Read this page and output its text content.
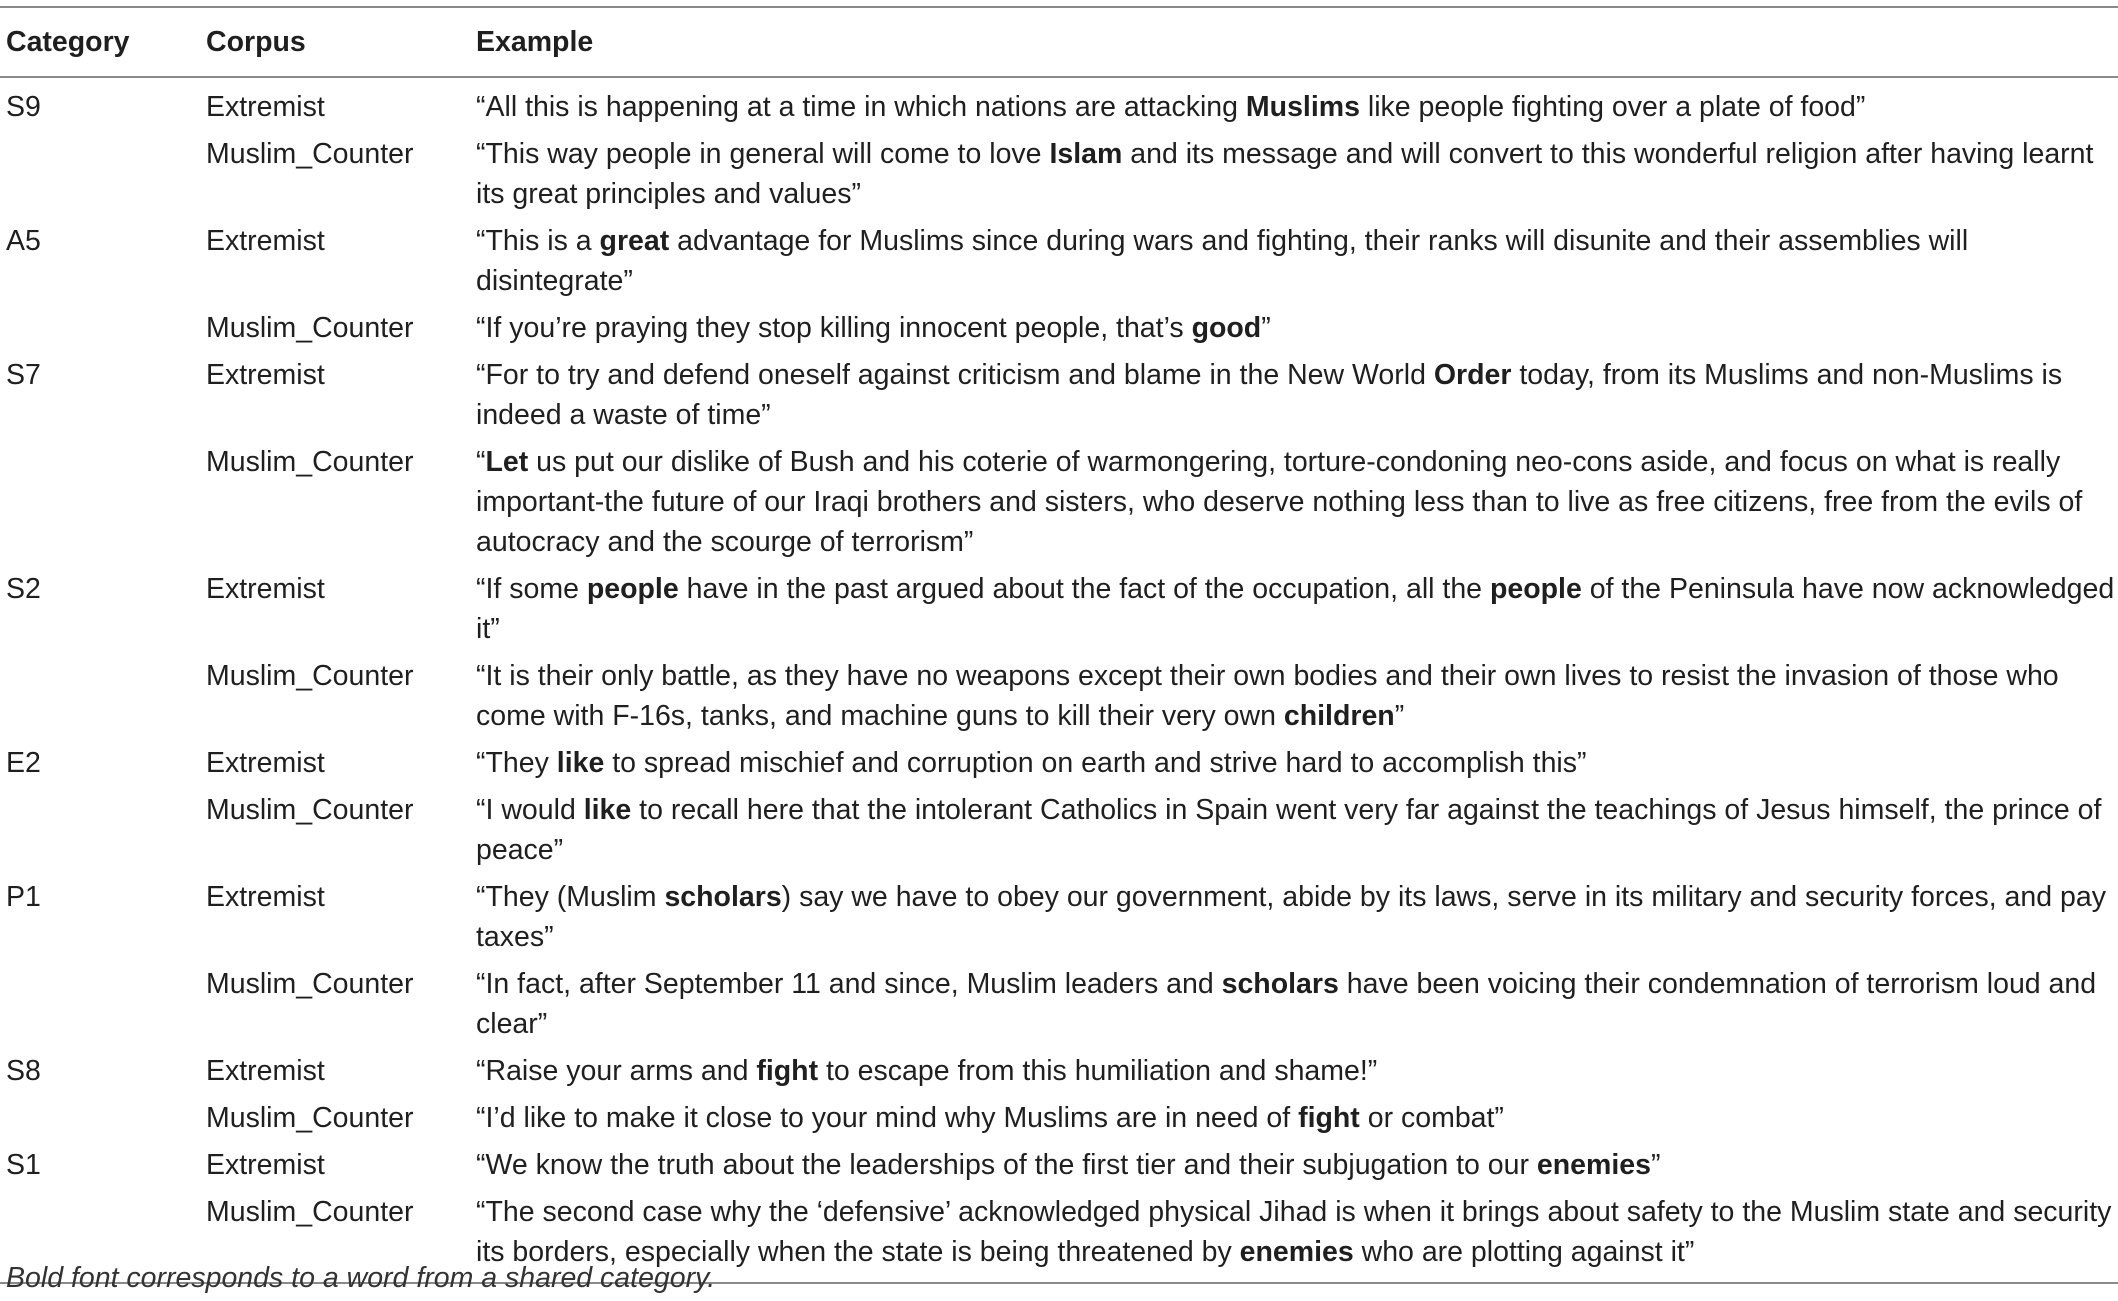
Category	Corpus	Example
S9	Extremist	“All this is happening at a time in which nations are attacking Muslims like people fighting over a plate of food”
	Muslim_Counter	“This way people in general will come to love Islam and its message and will convert to this wonderful religion after having learnt its great principles and values”
A5	Extremist	“This is a great advantage for Muslims since during wars and fighting, their ranks will disunite and their assemblies will disintegrate”
	Muslim_Counter	“If you’re praying they stop killing innocent people, that’s good”
S7	Extremist	“For to try and defend oneself against criticism and blame in the New World Order today, from its Muslims and non-Muslims is indeed a waste of time”
	Muslim_Counter	“Let us put our dislike of Bush and his coterie of warmongering, torture-condoning neo-cons aside, and focus on what is really important-the future of our Iraqi brothers and sisters, who deserve nothing less than to live as free citizens, free from the evils of autocracy and the scourge of terrorism”
S2	Extremist	“If some people have in the past argued about the fact of the occupation, all the people of the Peninsula have now acknowledged it”
	Muslim_Counter	“It is their only battle, as they have no weapons except their own bodies and their own lives to resist the invasion of those who come with F-16s, tanks, and machine guns to kill their very own children”
E2	Extremist	“They like to spread mischief and corruption on earth and strive hard to accomplish this”
	Muslim_Counter	“I would like to recall here that the intolerant Catholics in Spain went very far against the teachings of Jesus himself, the prince of peace”
P1	Extremist	“They (Muslim scholars) say we have to obey our government, abide by its laws, serve in its military and security forces, and pay taxes”
	Muslim_Counter	“In fact, after September 11 and since, Muslim leaders and scholars have been voicing their condemnation of terrorism loud and clear”
S8	Extremist	“Raise your arms and fight to escape from this humiliation and shame!”
	Muslim_Counter	“I’d like to make it close to your mind why Muslims are in need of fight or combat”
S1	Extremist	“We know the truth about the leaderships of the first tier and their subjugation to our enemies”
	Muslim_Counter	“The second case why the ‘defensive’ acknowledged physical Jihad is when it brings about safety to the Muslim state and security its borders, especially when the state is being threatened by enemies who are plotting against it”
Bold font corresponds to a word from a shared category.
